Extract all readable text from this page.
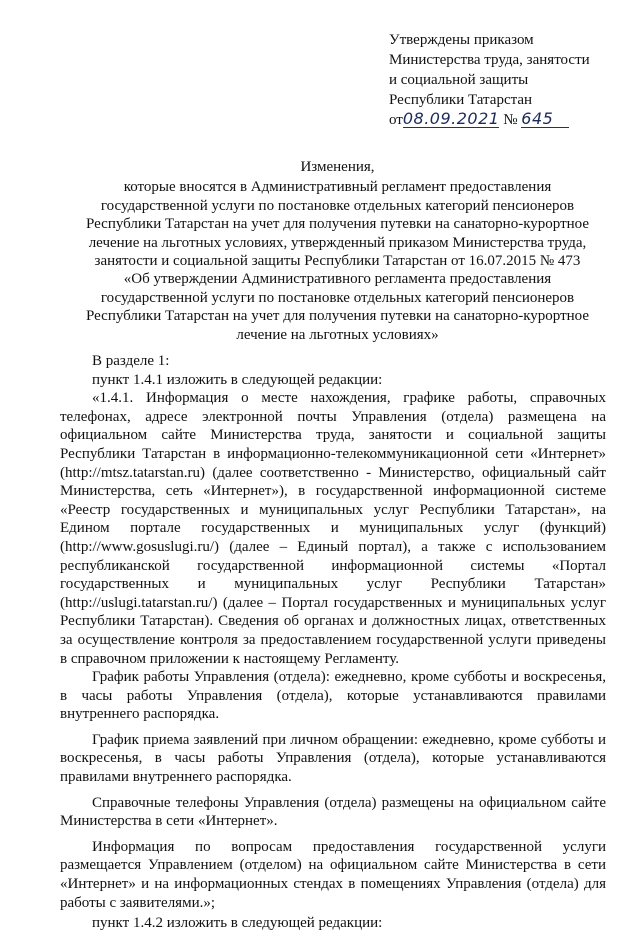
Утверждены приказом
Министерства труда, занятости
и социальной защиты
Республики Татарстан
от08.09.2021 № 645
Изменения,
которые вносятся в Административный регламент предоставления
государственной услуги по постановке отдельных категорий пенсионеров
Республики Татарстан на учет для получения путевки на санаторно-курортное
лечение на льготных условиях, утвержденный приказом Министерства труда,
занятости и социальной защиты Республики Татарстан от 16.07.2015 № 473
«Об утверждении Административного регламента предоставления
государственной услуги по постановке отдельных категорий пенсионеров
Республики Татарстан на учет для получения путевки на санаторно-курортное
лечение на льготных условиях»
В разделе 1:
пункт 1.4.1 изложить в следующей редакции:

«1.4.1. Информация о месте нахождения, графике работы, справочных телефонах, адресе электронной почты Управления (отдела) размещена на официальном сайте Министерства труда, занятости и социальной защиты Республики Татарстан в информационно-телекоммуникационной сети «Интернет» (http://mtsz.tatarstan.ru) (далее соответственно - Министерство, официальный сайт Министерства, сеть «Интернет»), в государственной информационной системе «Реестр государственных и муниципальных услуг Республики Татарстан», на Едином портале государственных и муниципальных услуг (функций) (http://www.gosuslugi.ru/) (далее – Единый портал), а также с использованием республиканской государственной информационной системы «Портал государственных и муниципальных услуг Республики Татарстан» (http://uslugi.tatarstan.ru/) (далее – Портал государственных и муниципальных услуг Республики Татарстан). Сведения об органах и должностных лицах, ответственных за осуществление контроля за предоставлением государственной услуги приведены в справочном приложении к настоящему Регламенту.

График работы Управления (отдела): ежедневно, кроме субботы и воскресенья, в часы работы Управления (отдела), которые устанавливаются правилами внутреннего распорядка.

График приема заявлений при личном обращении: ежедневно, кроме субботы и воскресенья, в часы работы Управления (отдела), которые устанавливаются правилами внутреннего распорядка.

Справочные телефоны Управления (отдела) размещены на официальном сайте Министерства в сети «Интернет».

Информация по вопросам предоставления государственной услуги размещается Управлением (отделом) на официальном сайте Министерства в сети «Интернет» и на информационных стендах в помещениях Управления (отдела) для работы с заявителями.»;

пункт 1.4.2 изложить в следующей редакции:
